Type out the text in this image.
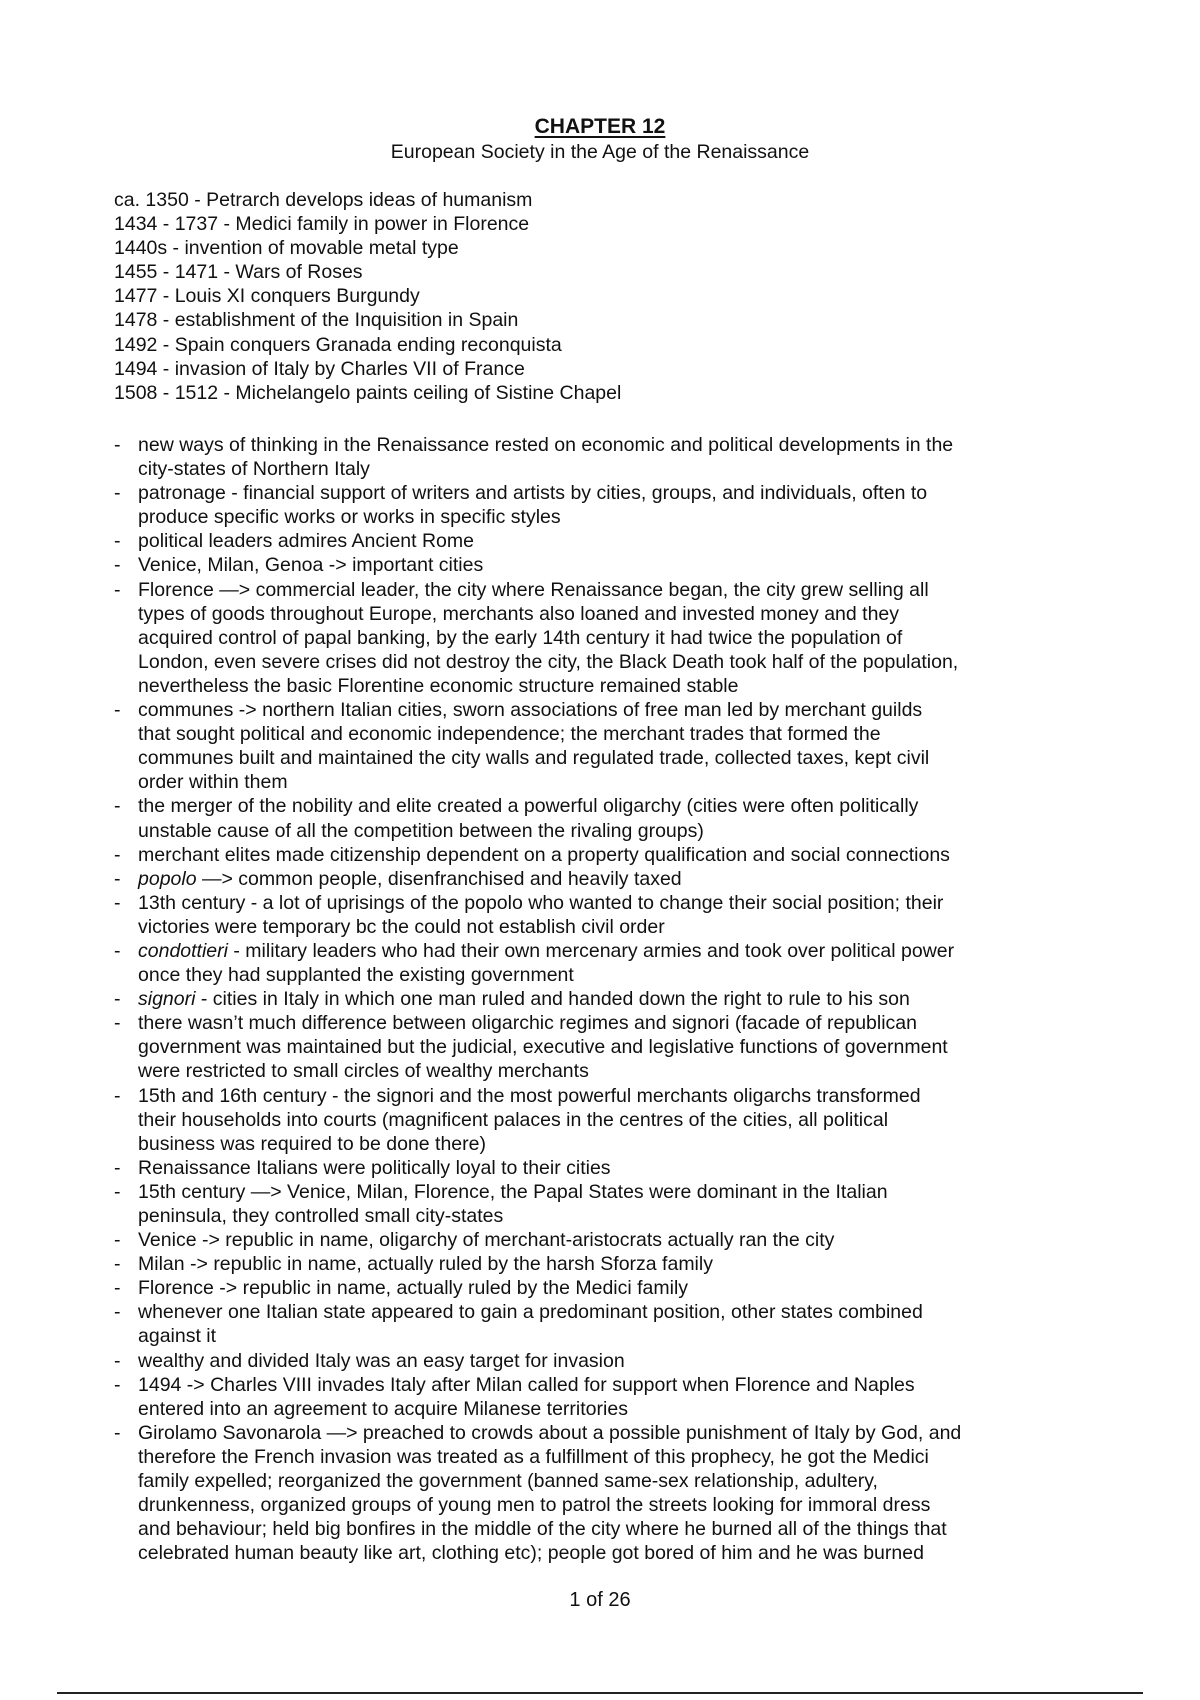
CHAPTER 12
European Society in the Age of the Renaissance
ca. 1350 - Petrarch develops ideas of humanism
1434 - 1737 - Medici family in power in Florence
1440s - invention of movable metal type
1455 - 1471 - Wars of Roses
1477 - Louis XI conquers Burgundy
1478 - establishment of the Inquisition in Spain
1492 - Spain conquers Granada ending reconquista
1494 - invasion of Italy by Charles VII of France
1508 - 1512 - Michelangelo paints ceiling of Sistine Chapel
- new ways of thinking in the Renaissance rested on economic and political developments in the
city-states of Northern Italy
- patronage - financial support of writers and artists by cities, groups, and individuals, often to
produce specific works or works in specific styles
- political leaders admires Ancient Rome
- Venice, Milan, Genoa -> important cities
- Florence —> commercial leader, the city where Renaissance began, the city grew selling all
types of goods throughout Europe, merchants also loaned and invested money and they
acquired control of papal banking, by the early 14th century it had twice the population of
London, even severe crises did not destroy the city, the Black Death took half of the population,
nevertheless the basic Florentine economic structure remained stable
- communes -> northern Italian cities, sworn associations of free man led by merchant guilds
that sought political and economic independence; the merchant trades that formed the
communes built and maintained the city walls and regulated trade, collected taxes, kept civil
order within them
- the merger of the nobility and elite created a powerful oligarchy (cities were often politically
unstable cause of all the competition between the rivaling groups)
- merchant elites made citizenship dependent on a property qualification and social connections
- popolo —> common people, disenfranchised and heavily taxed
- 13th century - a lot of uprisings of the popolo who wanted to change their social position; their
victories were temporary bc the could not establish civil order
- condottieri - military leaders who had their own mercenary armies and took over political power
once they had supplanted the existing government
- signori - cities in Italy in which one man ruled and handed down the right to rule to his son
- there wasn’t much difference between oligarchic regimes and signori (facade of republican
government was maintained but the judicial, executive and legislative functions of government
were restricted to small circles of wealthy merchants
- 15th and 16th century - the signori and the most powerful merchants oligarchs transformed
their households into courts (magnificent palaces in the centres of the cities, all political
business was required to be done there)
- Renaissance Italians were politically loyal to their cities
- 15th century —> Venice, Milan, Florence, the Papal States were dominant in the Italian
peninsula, they controlled small city-states
- Venice -> republic in name, oligarchy of merchant-aristocrats actually ran the city
- Milan -> republic in name, actually ruled by the harsh Sforza family
- Florence -> republic in name, actually ruled by the Medici family
- whenever one Italian state appeared to gain a predominant position, other states combined
against it
- wealthy and divided Italy was an easy target for invasion
- 1494 -> Charles VIII invades Italy after Milan called for support when Florence and Naples
entered into an agreement to acquire Milanese territories
- Girolamo Savonarola —> preached to crowds about a possible punishment of Italy by God, and
therefore the French invasion was treated as a fulfillment of this prophecy, he got the Medici
family expelled; reorganized the government (banned same-sex relationship, adultery,
drunkenness, organized groups of young men to patrol the streets looking for immoral dress
and behaviour; held big bonfires in the middle of the city where he burned all of the things that
celebrated human beauty like art, clothing etc); people got bored of him and he was burned
1 of 26
